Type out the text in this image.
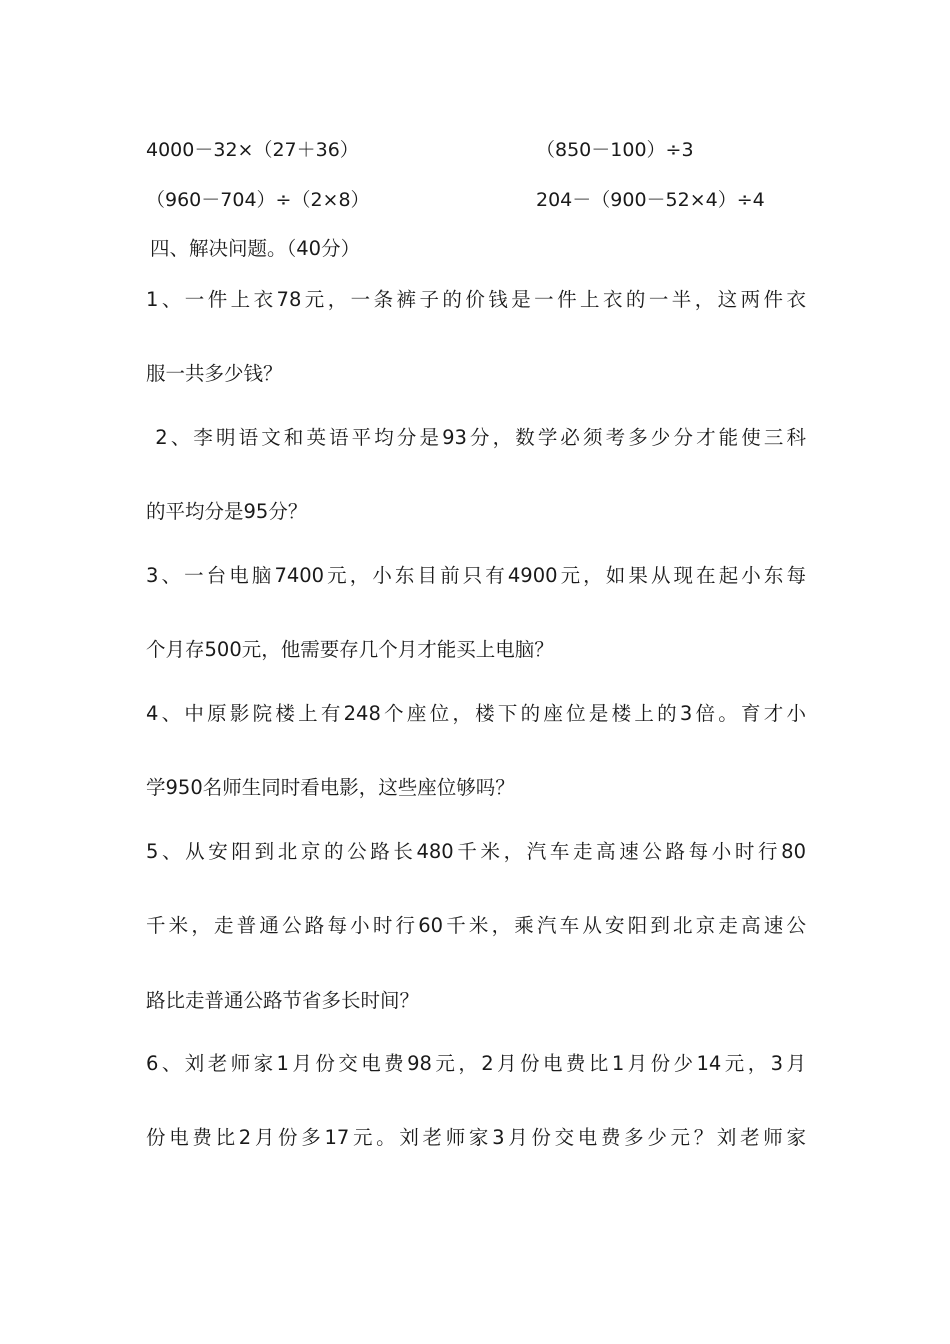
4000－32×（27＋36）	（850－100）÷3
（960－704）÷（2×8）	204－（900－52×4）÷4
四、解决问题。（40分）
1、一件上衣78元，一条裤子的价钱是一件上衣的一半，这两件衣
服一共多少钱？
2、李明语文和英语平均分是93分，数学必须考多少分才能使三科
的平均分是95分？
3、一台电脑7400元，小东目前只有4900元，如果从现在起小东每
个月存500元，他需要存几个月才能买上电脑？
4、中原影院楼上有248个座位，楼下的座位是楼上的3倍。育才小
学950名师生同时看电影，这些座位够吗？
5、从安阳到北京的公路长480千米，汽车走高速公路每小时行80
千米，走普通公路每小时行60千米，乘汽车从安阳到北京走高速公
路比走普通公路节省多长时间？
6、刘老师家1月份交电费98元，2月份电费比1月份少14元，3月
份电费比2月份多17元。刘老师家3月份交电费多少元？刘老师家
